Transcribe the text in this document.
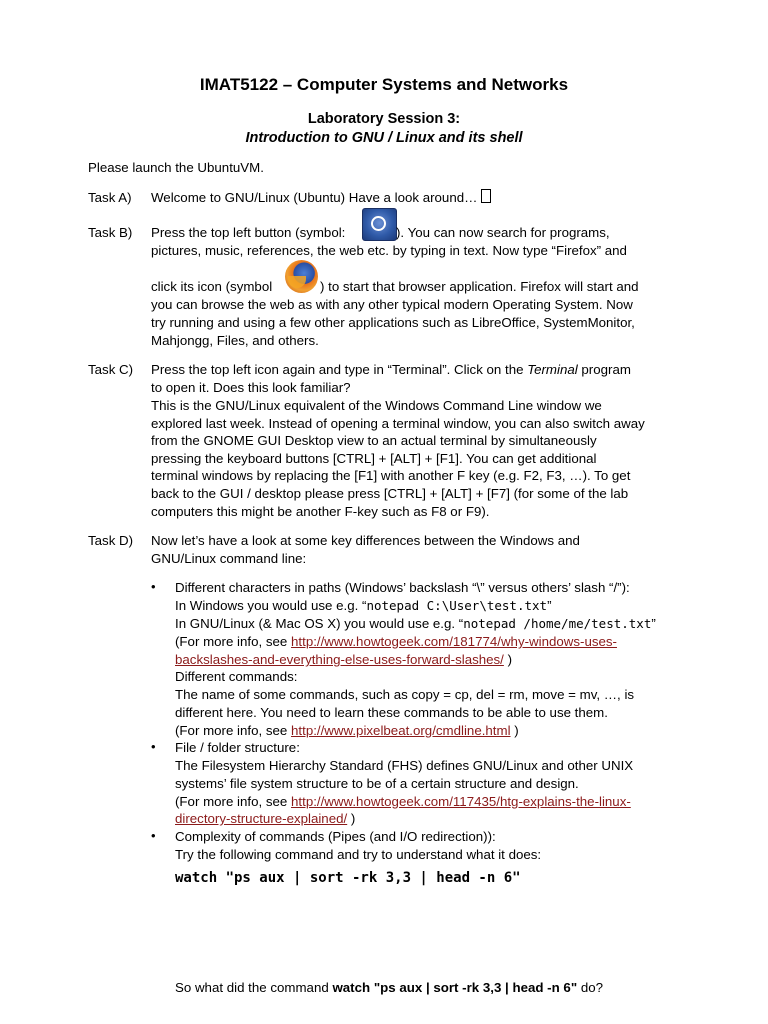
IMAT5122 – Computer Systems and Networks
Laboratory Session 3:
Introduction to GNU / Linux and its shell
Please launch the UbuntuVM.
Task A)	Welcome to GNU/Linux (Ubuntu) Have a look around…
Task B)	Press the top left button (symbol:	). You can now search for programs,
pictures, music, references, the web etc. by typing in text. Now type “Firefox” and
click its icon (symbol	) to start that browser application. Firefox will start and
you can browse the web as with any other typical modern Operating System. Now
try running and using a few other applications such as LibreOffice, SystemMonitor,
Mahjongg, Files, and others.
Task C)	Press the top left icon again and type in “Terminal”. Click on the Terminal program
to open it. Does this look familiar?
This is the GNU/Linux equivalent of the Windows Command Line window we
explored last week. Instead of opening a terminal window, you can also switch away
from the GNOME GUI Desktop view to an actual terminal by simultaneously
pressing the keyboard buttons [CTRL] + [ALT] + [F1]. You can get additional
terminal windows by replacing the [F1] with another F key (e.g. F2, F3, …). To get
back to the GUI / desktop please press [CTRL] + [ALT] + [F7] (for some of the lab
computers this might be another F-key such as F8 or F9).
Task D)	Now let’s have a look at some key differences between the Windows and
GNU/Linux command line:
• Different characters in paths (Windows’ backslash “\” versus others’ slash “/”):
In Windows you would use e.g. “notepad C:\User\test.txt”
In GNU/Linux (& Mac OS X) you would use e.g. “notepad /home/me/test.txt”
(For more info, see http://www.howtogeek.com/181774/why-windows-uses-
backslashes-and-everything-else-uses-forward-slashes/ )
Different commands:
The name of some commands, such as copy = cp, del = rm, move = mv, …, is
different here. You need to learn these commands to be able to use them.
(For more info, see http://www.pixelbeat.org/cmdline.html )
• File / folder structure:
The Filesystem Hierarchy Standard (FHS) defines GNU/Linux and other UNIX
systems’ file system structure to be of a certain structure and design.
(For more info, see http://www.howtogeek.com/117435/htg-explains-the-linux-
directory-structure-explained/ )
• Complexity of commands (Pipes (and I/O redirection)):
Try the following command and try to understand what it does:
watch "ps aux | sort -rk 3,3 | head -n 6"
So what did the command watch "ps aux | sort -rk 3,3 | head -n 6" do?
